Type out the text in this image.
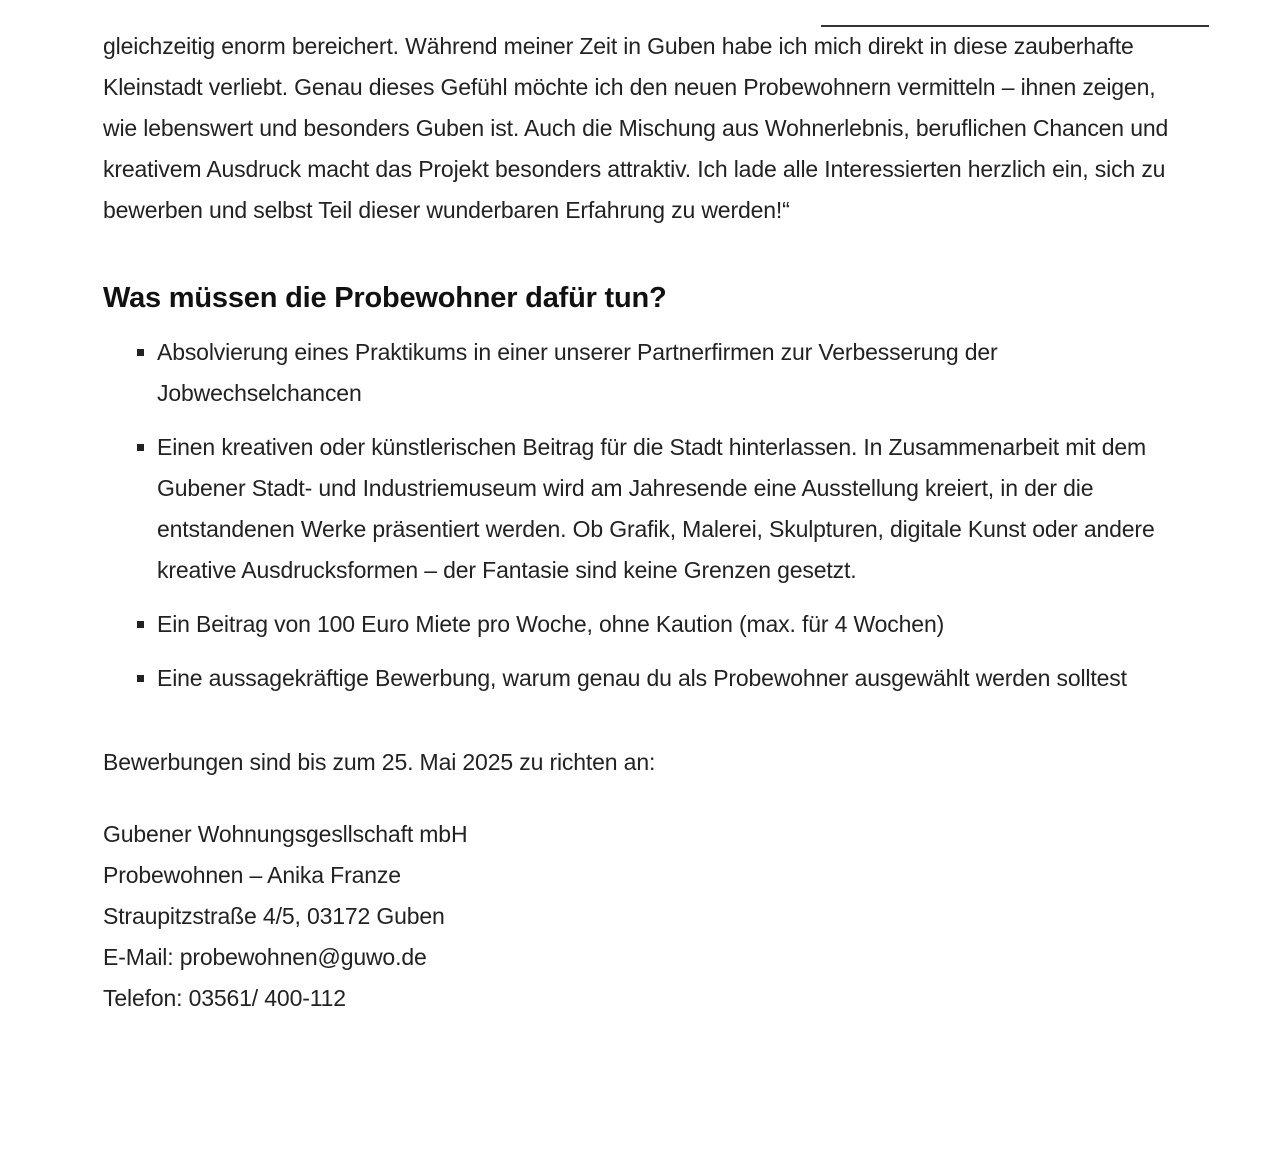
gleichzeitig enorm bereichert. Während meiner Zeit in Guben habe ich mich direkt in diese zauberhafte Kleinstadt verliebt. Genau dieses Gefühl möchte ich den neuen Probewohnern vermitteln – ihnen zeigen, wie lebenswert und besonders Guben ist. Auch die Mischung aus Wohnerlebnis, beruflichen Chancen und kreativem Ausdruck macht das Projekt besonders attraktiv. Ich lade alle Interessierten herzlich ein, sich zu bewerben und selbst Teil dieser wunderbaren Erfahrung zu werden!“

Was müssen die Probewohner dafür tun?
Absolvierung eines Praktikums in einer unserer Partnerfirmen zur Verbesserung der Jobwechselchancen
Einen kreativen oder künstlerischen Beitrag für die Stadt hinterlassen. In Zusammenarbeit mit dem Gubener Stadt- und Industriemuseum wird am Jahresende eine Ausstellung kreiert, in der die entstandenen Werke präsentiert werden. Ob Grafik, Malerei, Skulpturen, digitale Kunst oder andere kreative Ausdrucksformen – der Fantasie sind keine Grenzen gesetzt.
Ein Beitrag von 100 Euro Miete pro Woche, ohne Kaution (max. für 4 Wochen)
Eine aussagekräftige Bewerbung, warum genau du als Probewohner ausgewählt werden solltest

Bewerbungen sind bis zum 25. Mai 2025 zu richten an:

Gubener Wohnungsgesllschaft mbH

Probewohnen – Anika Franze

Straupitzstraße 4/5, 03172 Guben

E-Mail: probewohnen@guwo.de

Telefon: 03561/ 400-112
